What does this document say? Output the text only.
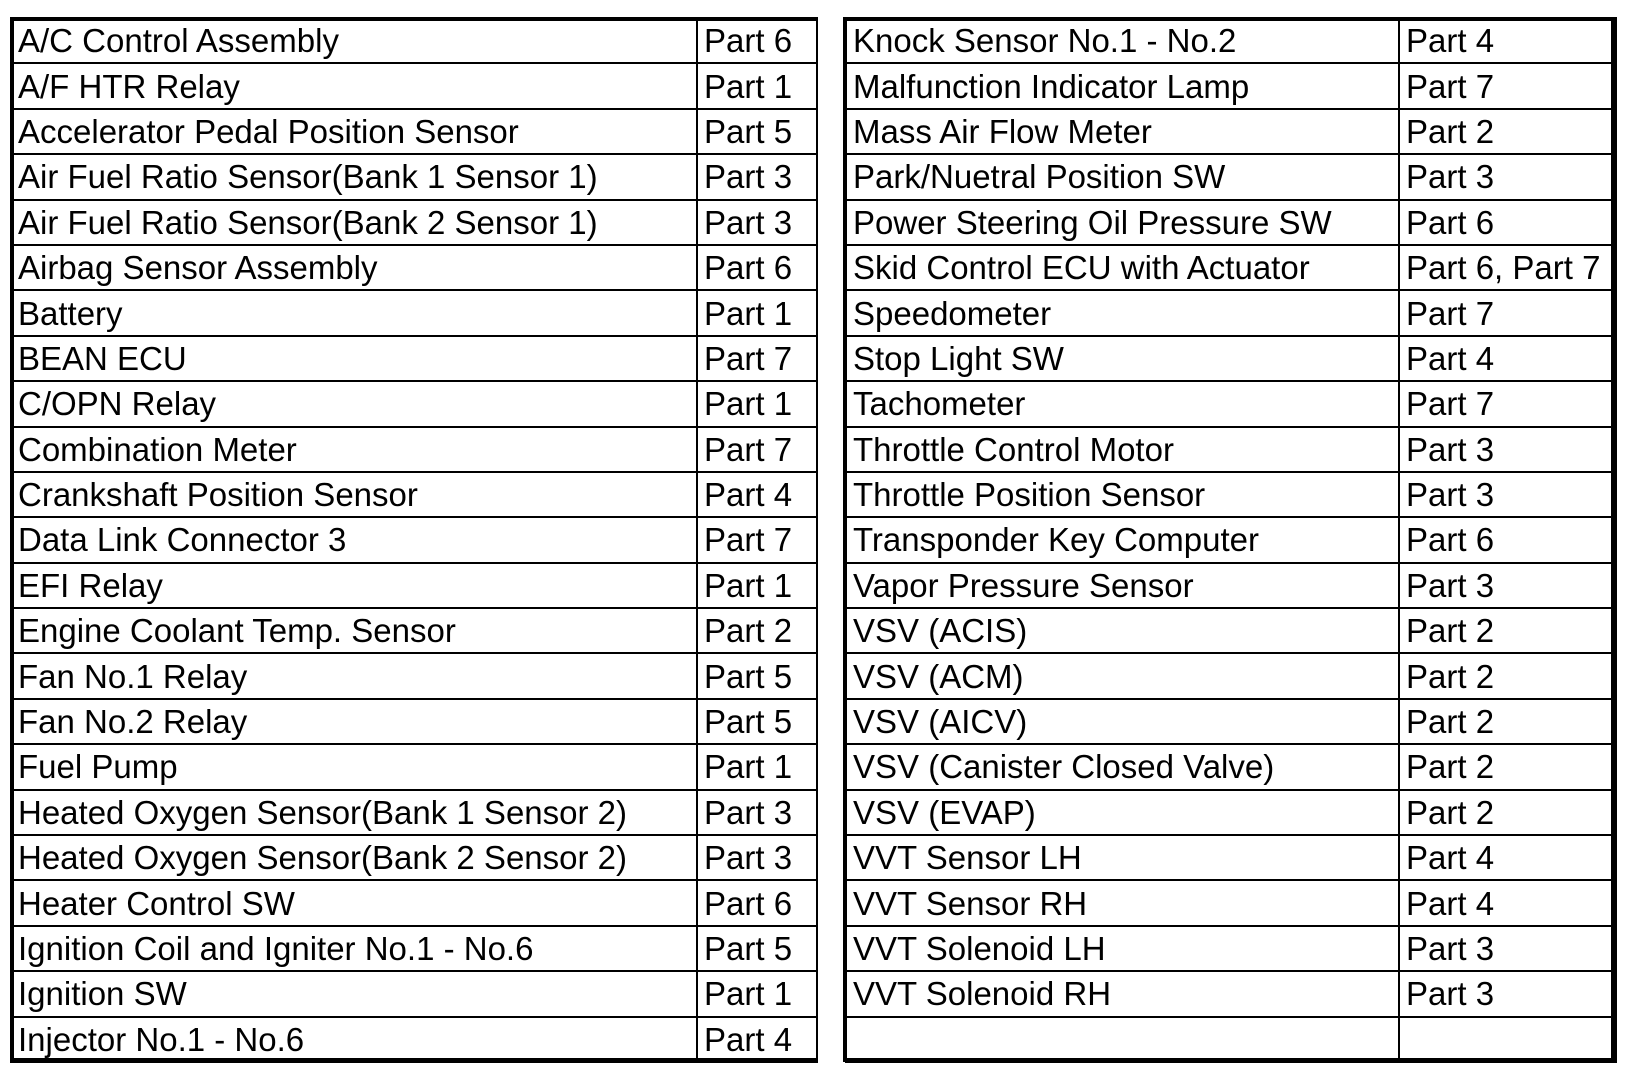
A/C Control Assembly	Part 6
A/F HTR Relay	Part 1
Accelerator Pedal Position Sensor	Part 5
Air Fuel Ratio Sensor(Bank 1 Sensor 1)	Part 3
Air Fuel Ratio Sensor(Bank 2 Sensor 1)	Part 3
Airbag Sensor Assembly	Part 6
Battery	Part 1
BEAN ECU	Part 7
C/OPN Relay	Part 1
Combination Meter	Part 7
Crankshaft Position Sensor	Part 4
Data Link Connector 3	Part 7
EFI Relay	Part 1
Engine Coolant Temp. Sensor	Part 2
Fan No.1 Relay	Part 5
Fan No.2 Relay	Part 5
Fuel Pump	Part 1
Heated Oxygen Sensor(Bank 1 Sensor 2)	Part 3
Heated Oxygen Sensor(Bank 2 Sensor 2)	Part 3
Heater Control SW	Part 6
Ignition Coil and Igniter No.1 - No.6	Part 5
Ignition SW	Part 1
Injector No.1 - No.6	Part 4
Knock Sensor No.1 - No.2	Part 4
Malfunction Indicator Lamp	Part 7
Mass Air Flow Meter	Part 2
Park/Nuetral Position SW	Part 3
Power Steering Oil Pressure SW	Part 6
Skid Control ECU with Actuator	Part 6, Part 7
Speedometer	Part 7
Stop Light SW	Part 4
Tachometer	Part 7
Throttle Control Motor	Part 3
Throttle Position Sensor	Part 3
Transponder Key Computer	Part 6
Vapor Pressure Sensor	Part 3
VSV (ACIS)	Part 2
VSV (ACM)	Part 2
VSV (AICV)	Part 2
VSV (Canister Closed Valve)	Part 2
VSV (EVAP)	Part 2
VVT Sensor LH	Part 4
VVT Sensor RH	Part 4
VVT Solenoid LH	Part 3
VVT Solenoid RH	Part 3
